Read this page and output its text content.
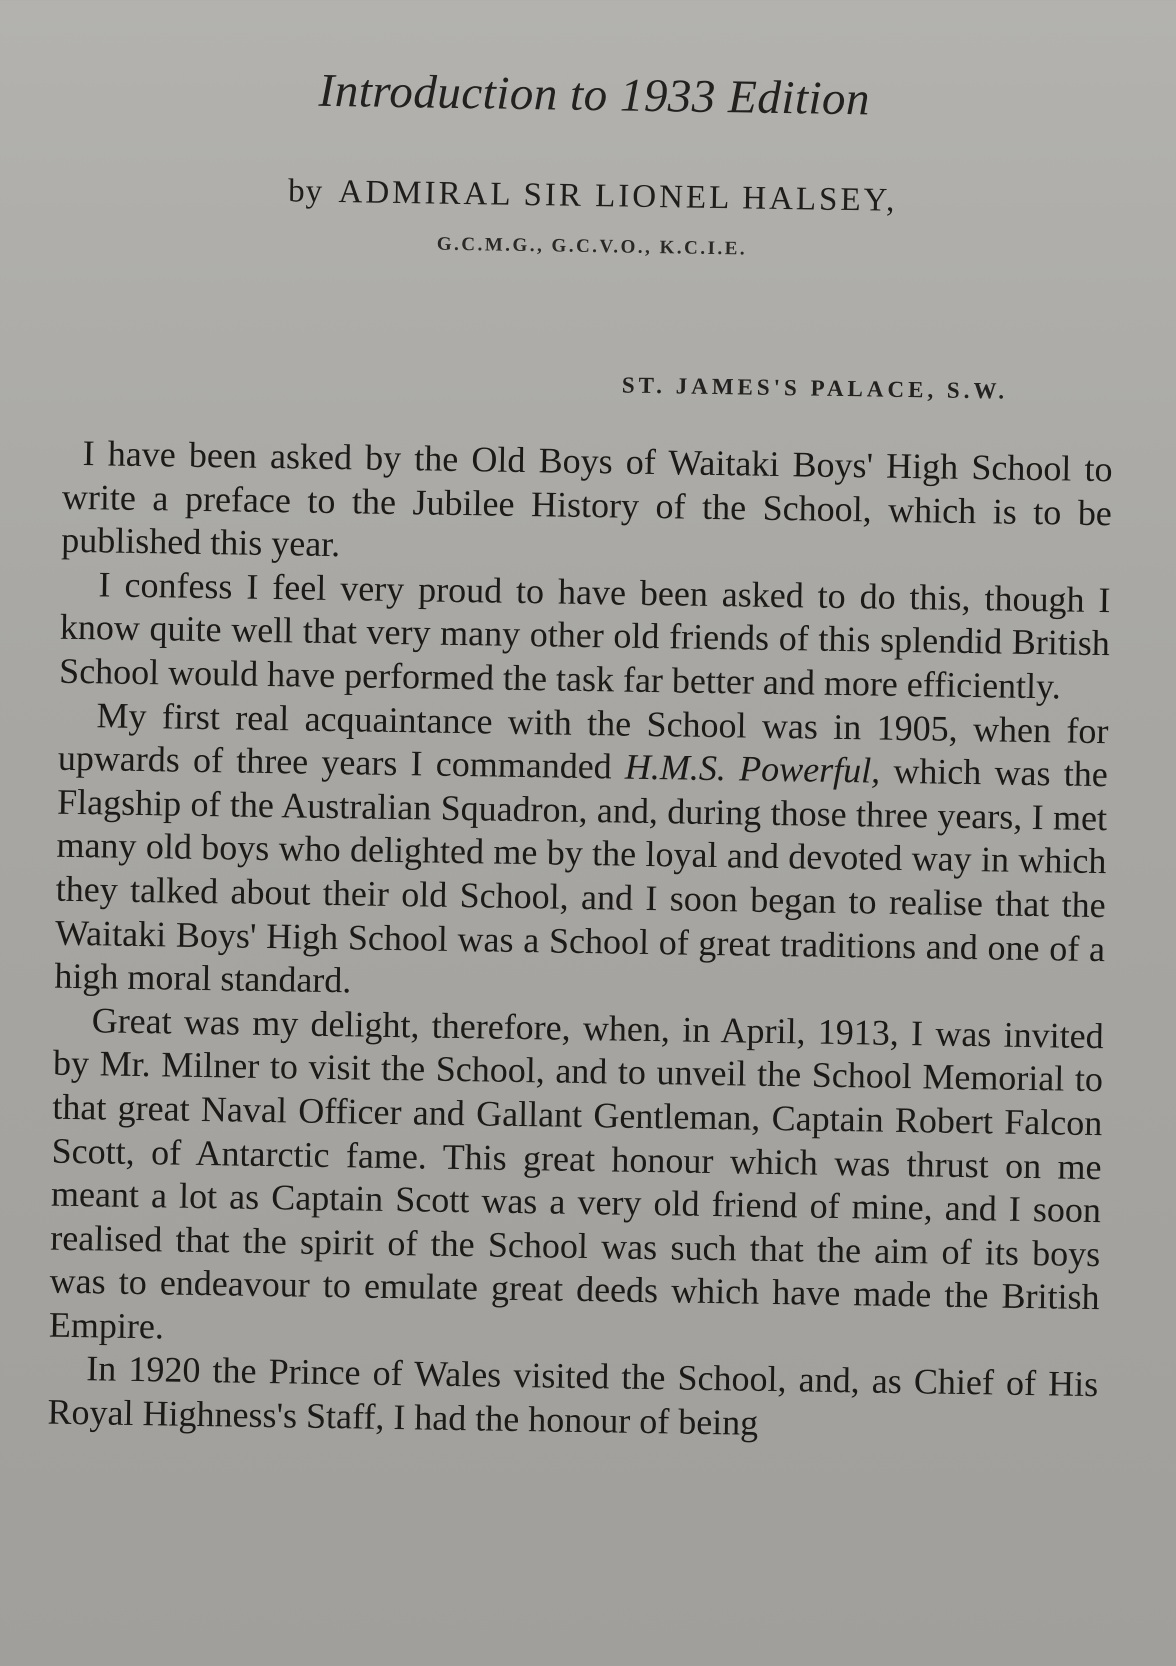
Introduction to 1933 Edition
by ADMIRAL SIR LIONEL HALSEY,
G.C.M.G., G.C.V.O., K.C.I.E.
ST. JAMES'S PALACE, S.W.

I have been asked by the Old Boys of Waitaki Boys' High School to write a preface to the Jubilee History of the School, which is to be published this year.

I confess I feel very proud to have been asked to do this, though I know quite well that very many other old friends of this splendid British School would have performed the task far better and more efficiently.

My first real acquaintance with the School was in 1905, when for upwards of three years I commanded H.M.S. Powerful, which was the Flagship of the Australian Squadron, and, during those three years, I met many old boys who delighted me by the loyal and devoted way in which they talked about their old School, and I soon began to realise that the Waitaki Boys' High School was a School of great traditions and one of a high moral standard.

Great was my delight, therefore, when, in April, 1913, I was invited by Mr. Milner to visit the School, and to unveil the School Memorial to that great Naval Officer and Gallant Gentleman, Captain Robert Falcon Scott, of Antarctic fame. This great honour which was thrust on me meant a lot as Captain Scott was a very old friend of mine, and I soon realised that the spirit of the School was such that the aim of its boys was to endeavour to emulate great deeds which have made the British Empire.

In 1920 the Prince of Wales visited the School, and, as Chief of His Royal Highness's Staff, I had the honour of being
